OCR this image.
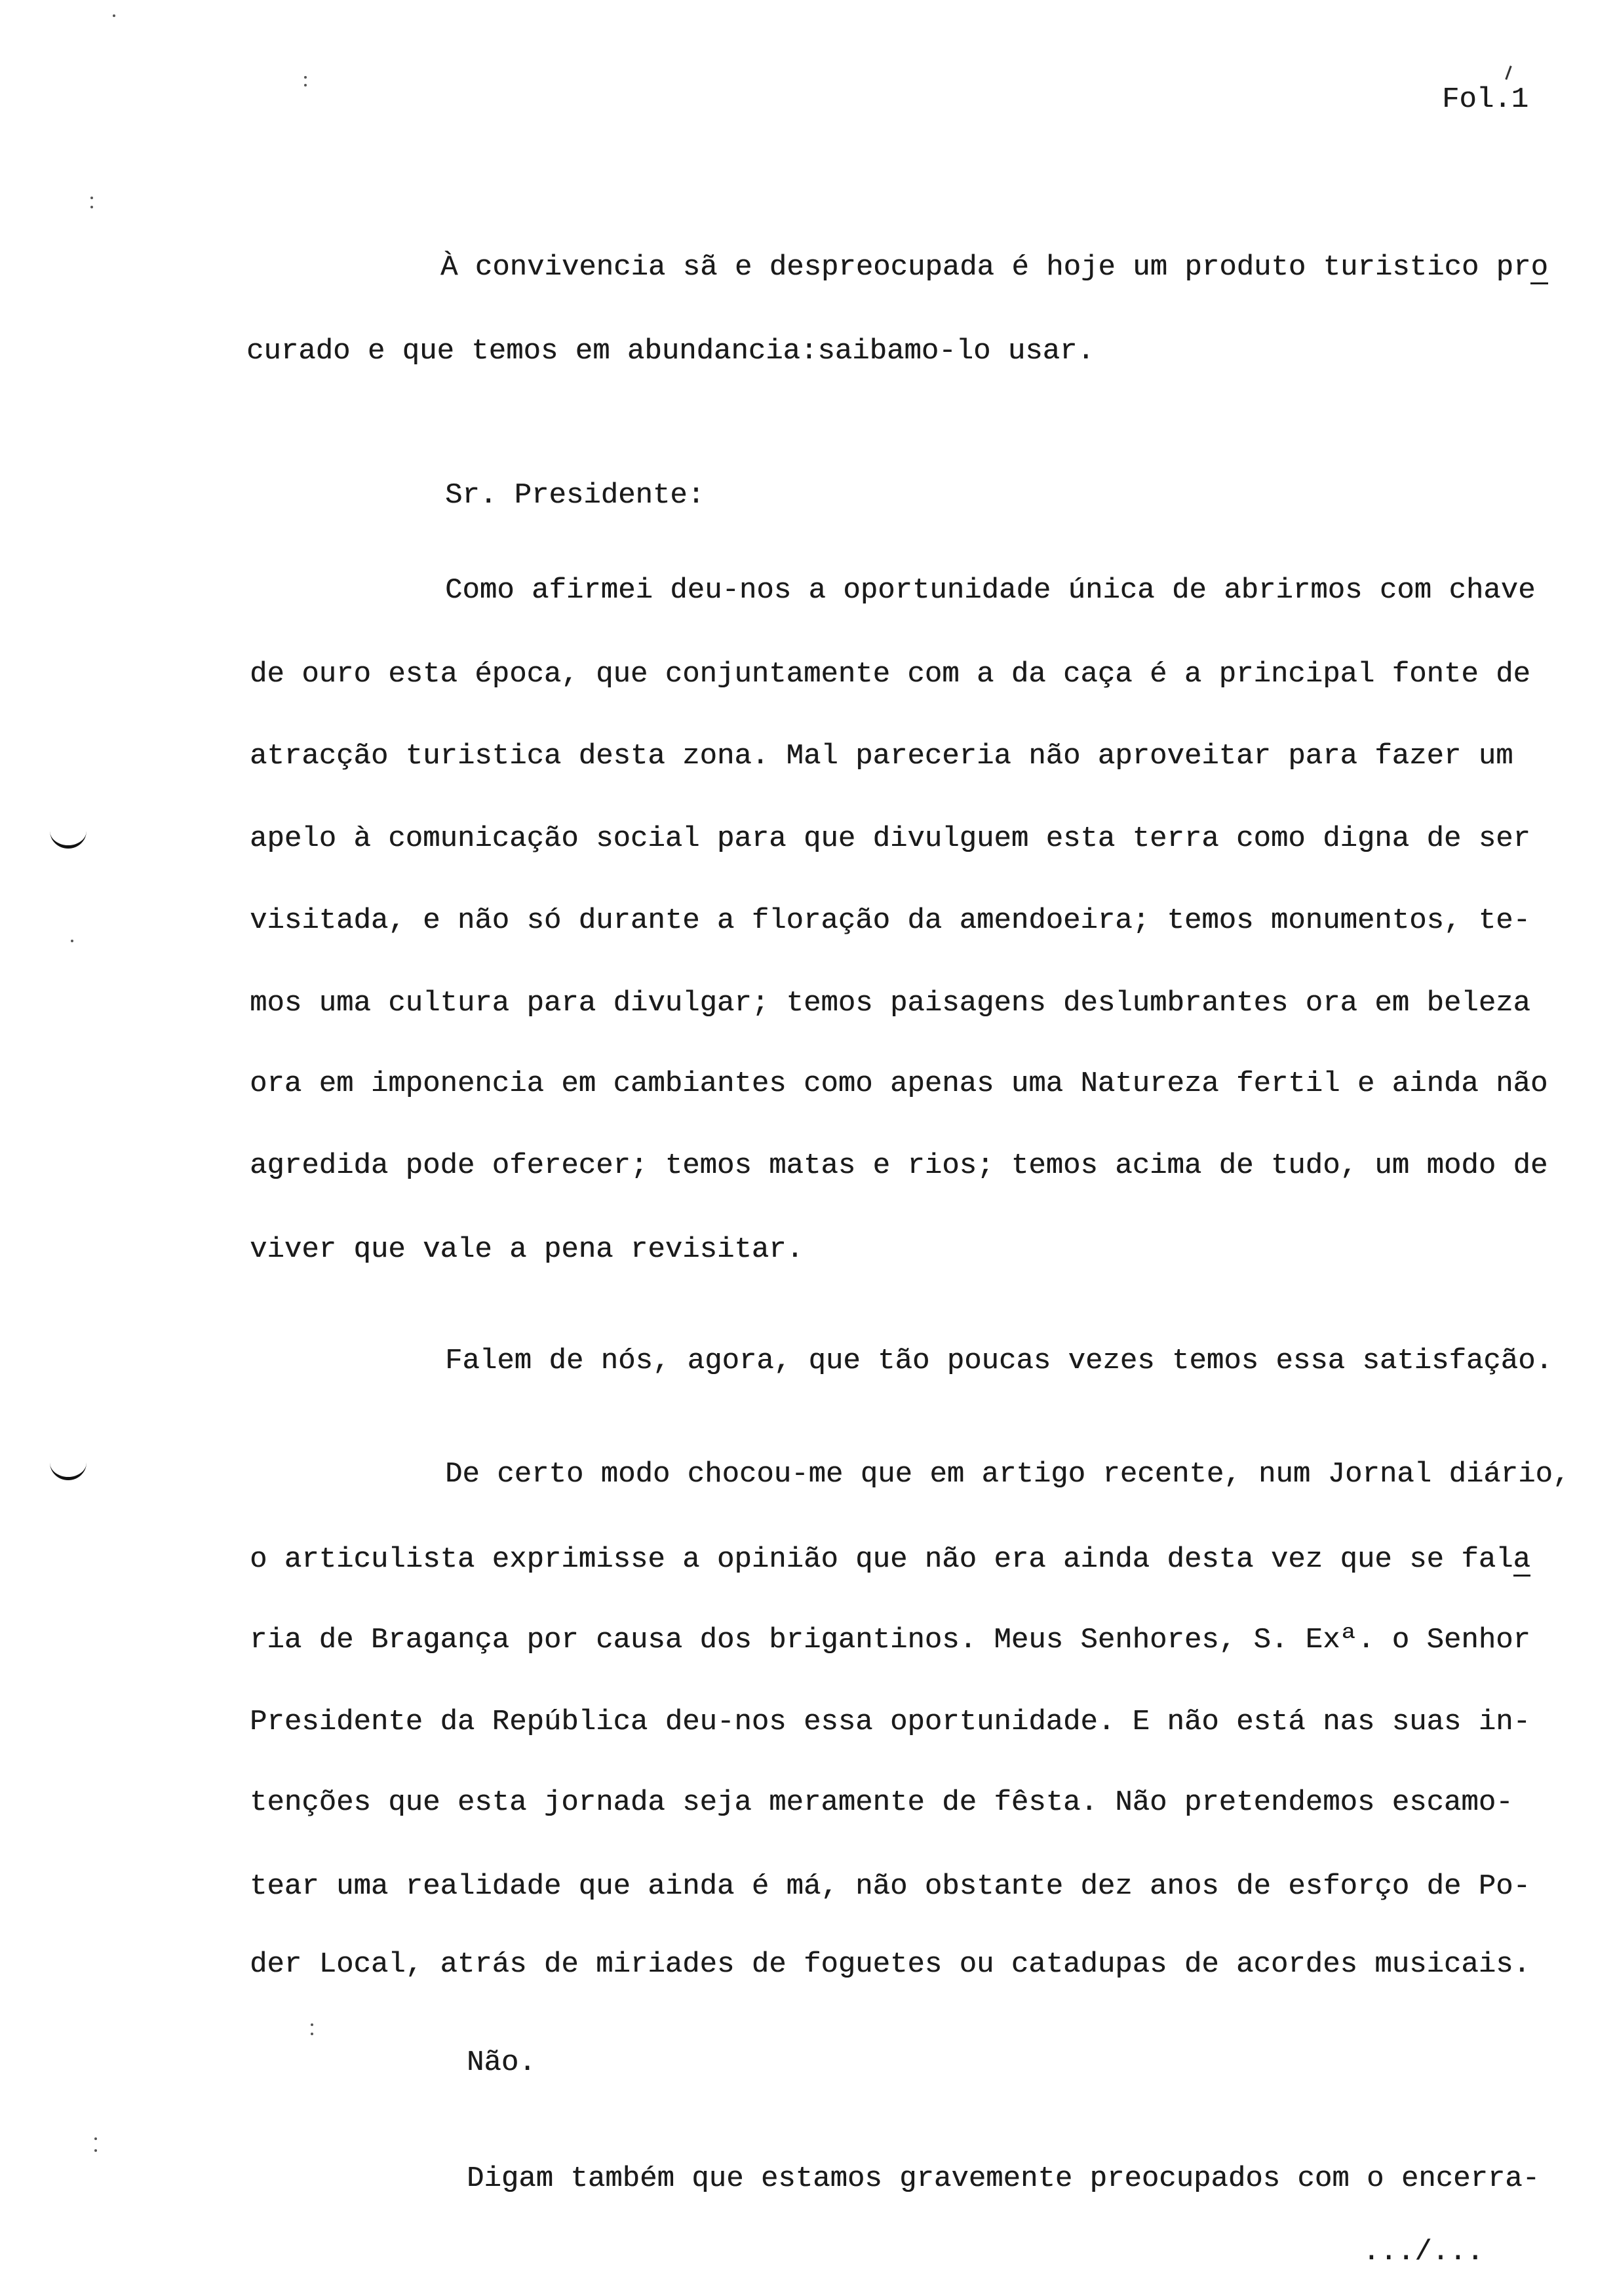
Fol.1
À convivencia sã e despreocupada é hoje um produto turistico pro
curado e que temos em abundancia:saibamo-lo usar.
Sr. Presidente:
Como afirmei deu-nos a oportunidade única de abrirmos com chave
de ouro esta época, que conjuntamente com a da caça é a principal fonte de
atracção turistica desta zona. Mal pareceria não aproveitar para fazer um
apelo à comunicação social para que divulguem esta terra como digna de ser
visitada, e não só durante a floração da amendoeira; temos monumentos, te-
mos uma cultura para divulgar; temos paisagens deslumbrantes ora em beleza
ora em imponencia em cambiantes como apenas uma Natureza fertil e ainda não
agredida pode oferecer; temos matas e rios; temos acima de tudo, um modo de
viver que vale a pena revisitar.
Falem de nós, agora, que tão poucas vezes temos essa satisfação.
De certo modo chocou-me que em artigo recente, num Jornal diário,
o articulista exprimisse a opinião que não era ainda desta vez que se fala
ria de Bragança por causa dos brigantinos. Meus Senhores, S. Exª. o Senhor
Presidente da República deu-nos essa oportunidade. E não está nas suas in-
tenções que esta jornada seja meramente de fêsta. Não pretendemos escamo-
tear uma realidade que ainda é má, não obstante dez anos de esforço de Po-
der Local, atrás de miriades de foguetes ou catadupas de acordes musicais.
Não.
Digam também que estamos gravemente preocupados com o encerra-
.../...
